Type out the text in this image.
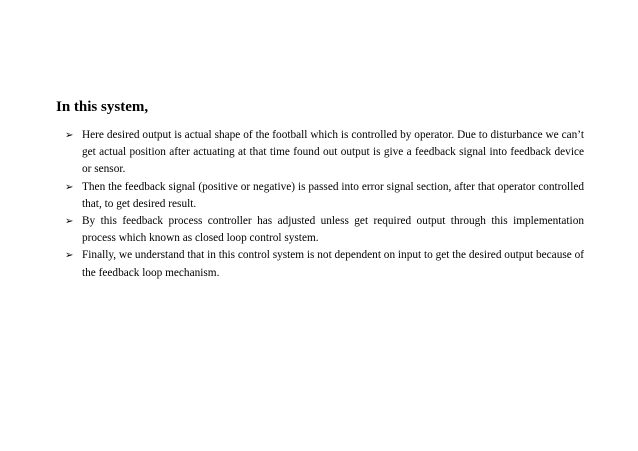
In this system,
➢ Here desired output is actual shape of the football which is controlled by operator. Due to disturbance we can’t get actual position after actuating at that time found out output is give a feedback signal into feedback device or sensor.
➢ Then the feedback signal (positive or negative) is passed into error signal section, after that operator controlled that, to get desired result.
➢ By this feedback process controller has adjusted unless get required output through this implementation process which known as closed loop control system.
➢ Finally, we understand that in this control system is not dependent on input to get the desired output because of the feedback loop mechanism.
